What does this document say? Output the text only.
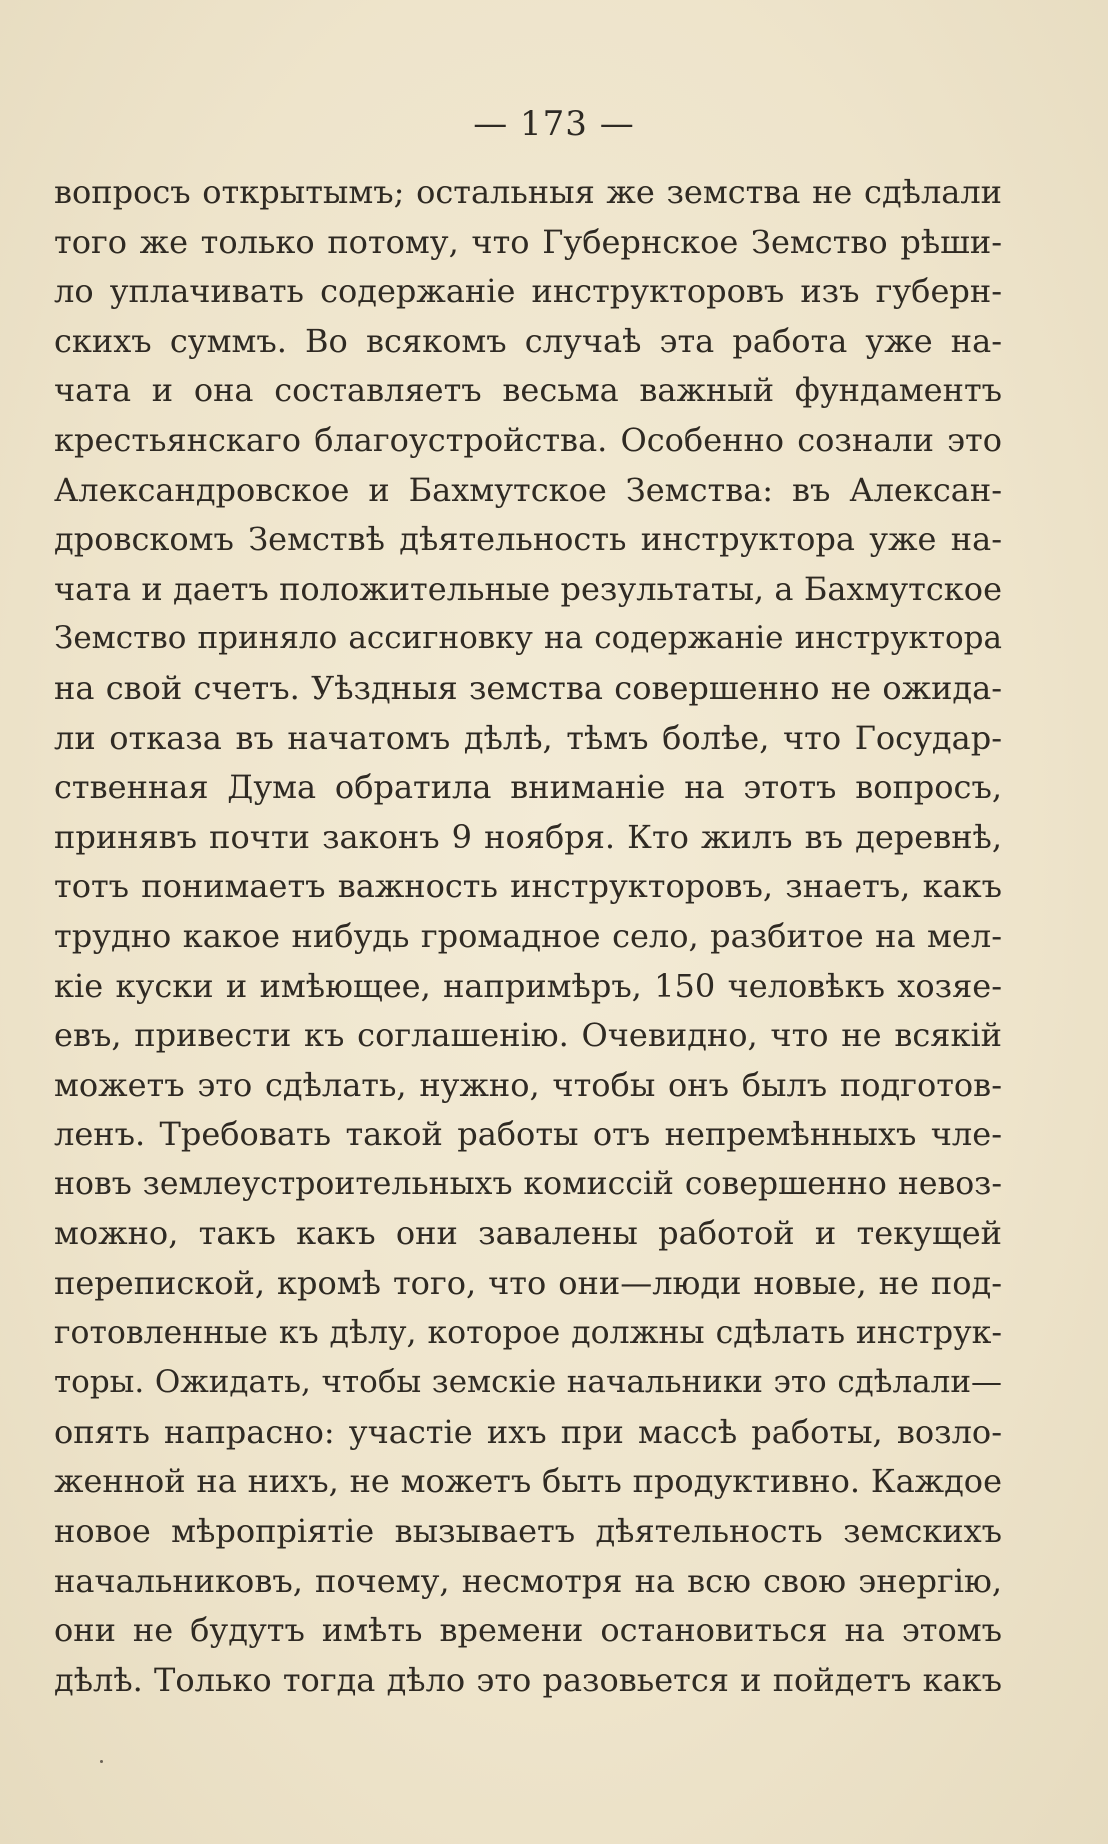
— 173 —
вопросъ открытымъ; остальныя же земства не сдѣлали
того же только потому, что Губернское Земство рѣши-
ло уплачивать содержаніе инструкторовъ изъ губерн-
скихъ суммъ. Во всякомъ случаѣ эта работа уже на-
чата и она составляетъ весьма важный фундаментъ
крестьянскаго благоустройства. Особенно сознали это
Александровское и Бахмутское Земства: въ Алексан-
дровскомъ Земствѣ дѣятельность инструктора уже на-
чата и даетъ положительные результаты, а Бахмутское
Земство приняло ассигновку на содержаніе инструктора
на свой счетъ. Уѣздныя земства совершенно не ожида-
ли отказа въ начатомъ дѣлѣ, тѣмъ болѣе, что Государ-
ственная Дума обратила вниманіе на этотъ вопросъ,
принявъ почти законъ 9 ноября. Кто жилъ въ деревнѣ,
тотъ понимаетъ важность инструкторовъ, знаетъ, какъ
трудно какое нибудь громадное село, разбитое на мел-
кіе куски и имѣющее, напримѣръ, 150 человѣкъ хозяе-
евъ, привести къ соглашенію. Очевидно, что не всякій
можетъ это сдѣлать, нужно, чтобы онъ былъ подготов-
ленъ. Требовать такой работы отъ непремѣнныхъ чле-
новъ землеустроительныхъ комиссій совершенно невоз-
можно, такъ какъ они завалены работой и текущей
перепиской, кромѣ того, что они—люди новые, не под-
готовленные къ дѣлу, которое должны сдѣлать инструк-
торы. Ожидать, чтобы земскіе начальники это сдѣлали—
опять напрасно: участіе ихъ при массѣ работы, возло-
женной на нихъ, не можетъ быть продуктивно. Каждое
новое мѣропріятіе вызываетъ дѣятельность земскихъ
начальниковъ, почему, несмотря на всю свою энергію,
они не будутъ имѣть времени остановиться на этомъ
дѣлѣ. Только тогда дѣло это разовьется и пойдетъ какъ
